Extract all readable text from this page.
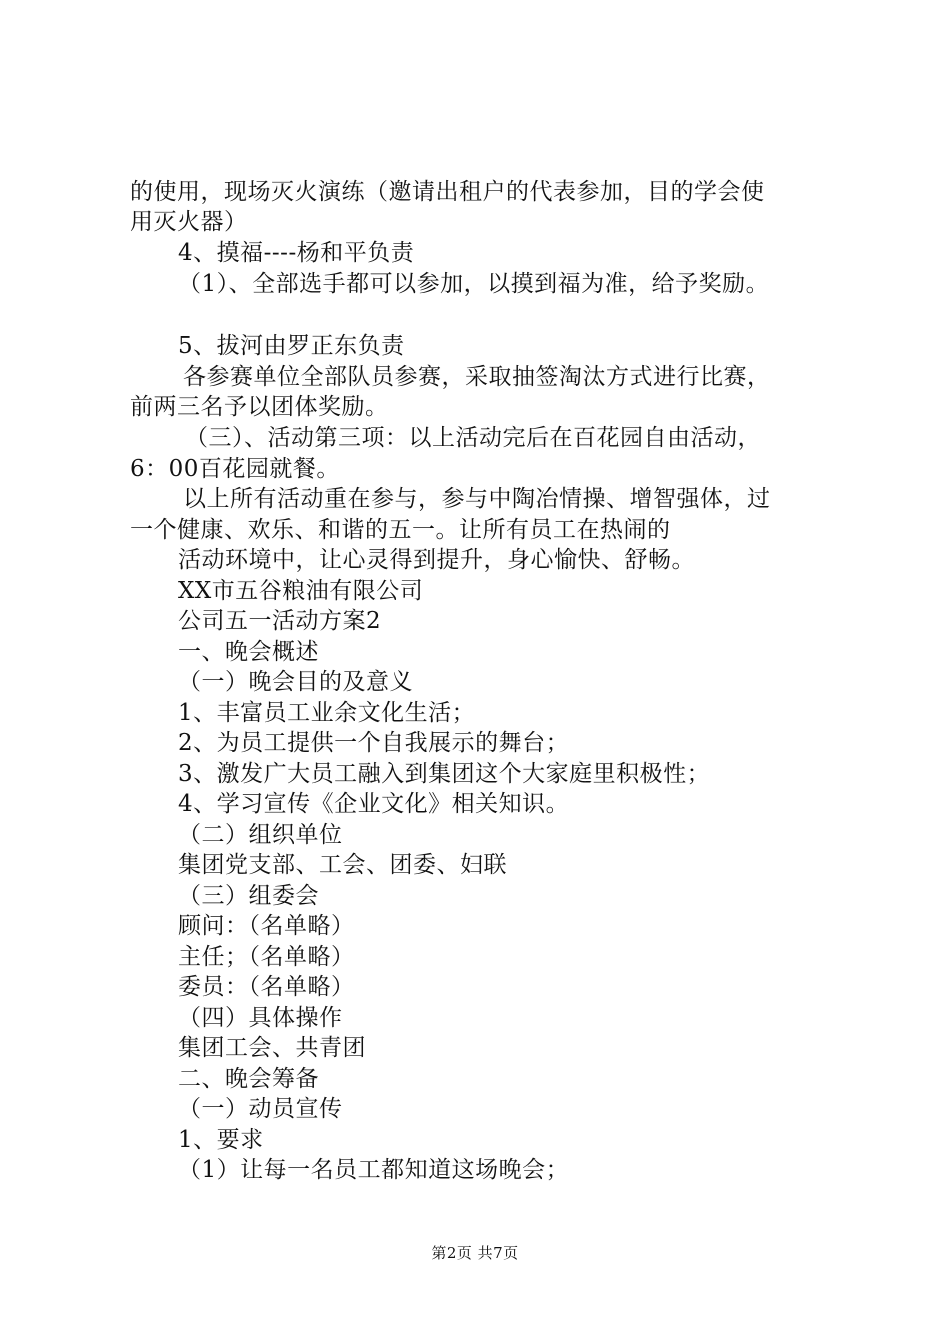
的使用，现场灭火演练（邀请出租户的代表参加，目的学会使
用灭火器）
4、摸福----杨和平负责
（1）、全部选手都可以参加，以摸到福为准，给予奖励。
5、拔河由罗正东负责
各参赛单位全部队员参赛，采取抽签淘汰方式进行比赛，
前两三名予以团体奖励。
（三）、活动第三项：以上活动完后在百花园自由活动，
6：00百花园就餐。
以上所有活动重在参与，参与中陶冶情操、增智强体，过
一个健康、欢乐、和谐的五一。让所有员工在热闹的
活动环境中，让心灵得到提升，身心愉快、舒畅。
XX市五谷粮油有限公司
公司五一活动方案2
一、晚会概述
（一）晚会目的及意义
1、丰富员工业余文化生活；
2、为员工提供一个自我展示的舞台；
3、激发广大员工融入到集团这个大家庭里积极性；
4、学习宣传《企业文化》相关知识。
（二）组织单位
集团党支部、工会、团委、妇联
（三）组委会
顾问：（名单略）
主任；（名单略）
委员：（名单略）
（四）具体操作
集团工会、共青团
二、晚会筹备
（一）动员宣传
1、要求
（1）让每一名员工都知道这场晚会；
第2页 共7页
